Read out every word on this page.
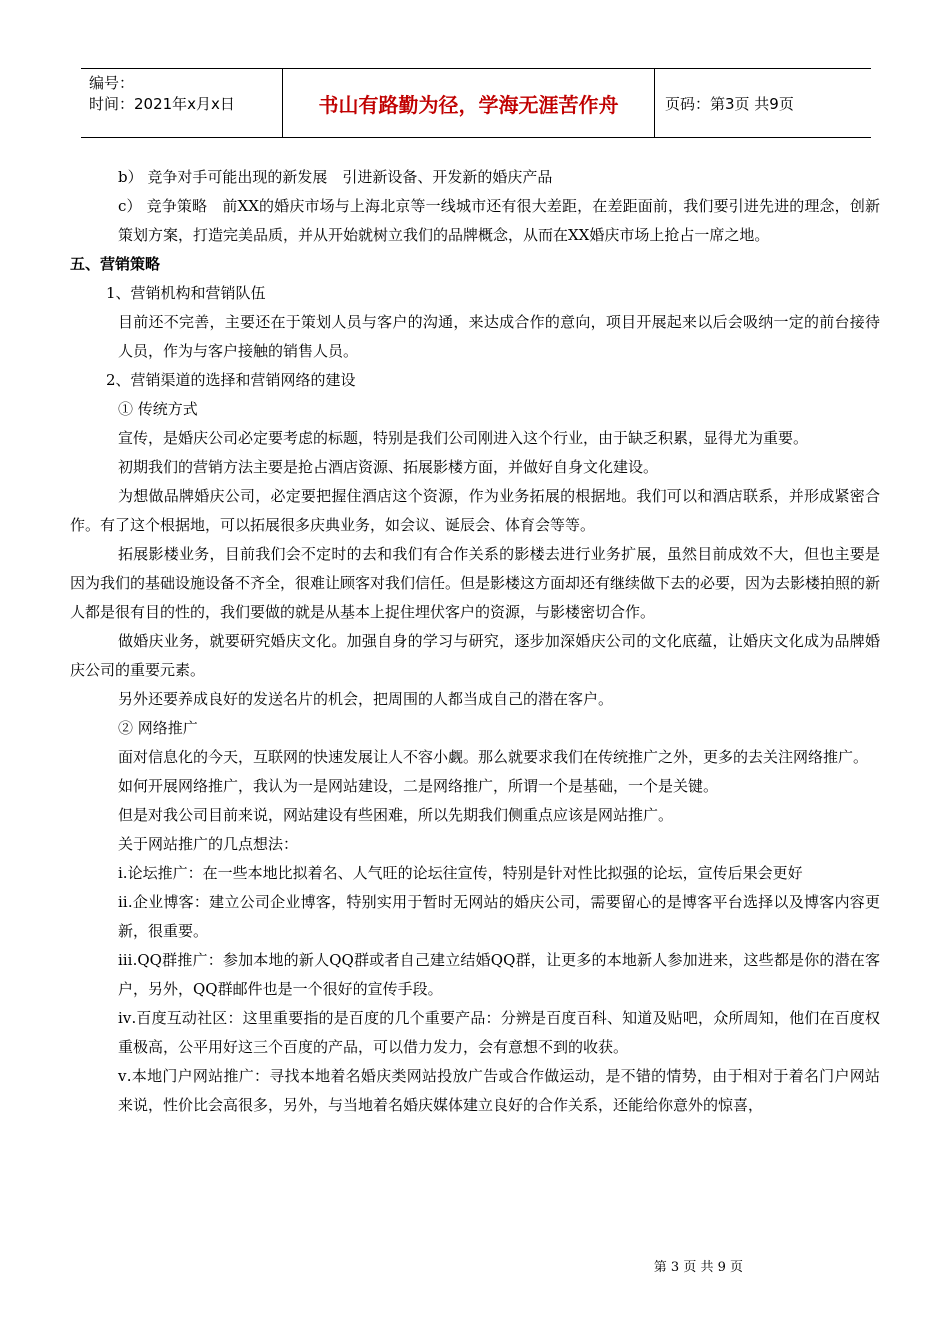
编号：
时间：2021年x月x日	书山有路勤为径，学海无涯苦作舟	页码：第3页 共9页

b） 竞争对手可能出现的新发展　引进新设备、开发新的婚庆产品

c） 竞争策略　前XX的婚庆市场与上海北京等一线城市还有很大差距，在差距面前，我们要引进先进的理念，创新策划方案，打造完美品质，并从开始就树立我们的品牌概念，从而在XX婚庆市场上抢占一席之地。

五、营销策略

1、营销机构和营销队伍

目前还不完善，主要还在于策划人员与客户的沟通，来达成合作的意向，项目开展起来以后会吸纳一定的前台接待人员，作为与客户接触的销售人员。

2、营销渠道的选择和营销网络的建设

① 传统方式

宣传，是婚庆公司必定要考虑的标题，特别是我们公司刚进入这个行业，由于缺乏积累，显得尤为重要。

初期我们的营销方法主要是抢占酒店资源、拓展影楼方面，并做好自身文化建设。

为想做品牌婚庆公司，必定要把握住酒店这个资源，作为业务拓展的根据地。我们可以和酒店联系，并形成紧密合作。有了这个根据地，可以拓展很多庆典业务，如会议、诞辰会、体育会等等。

拓展影楼业务，目前我们会不定时的去和我们有合作关系的影楼去进行业务扩展，虽然目前成效不大，但也主要是因为我们的基础设施设备不齐全，很难让顾客对我们信任。但是影楼这方面却还有继续做下去的必要，因为去影楼拍照的新人都是很有目的性的，我们要做的就是从基本上捉住埋伏客户的资源，与影楼密切合作。

做婚庆业务，就要研究婚庆文化。加强自身的学习与研究，逐步加深婚庆公司的文化底蕴，让婚庆文化成为品牌婚庆公司的重要元素。

另外还要养成良好的发送名片的机会，把周围的人都当成自己的潜在客户。

② 网络推广

面对信息化的今天，互联网的快速发展让人不容小觑。那么就要求我们在传统推广之外，更多的去关注网络推广。

如何开展网络推广，我认为一是网站建设，二是网络推广，所谓一个是基础，一个是关键。

但是对我公司目前来说，网站建设有些困难，所以先期我们侧重点应该是网站推广。

关于网站推广的几点想法：

ⅰ.论坛推广：在一些本地比拟着名、人气旺的论坛往宣传，特别是针对性比拟强的论坛，宣传后果会更好

ⅱ.企业博客：建立公司企业博客，特别实用于暂时无网站的婚庆公司，需要留心的是博客平台选择以及博客内容更新，很重要。

ⅲ.QQ群推广：参加本地的新人QQ群或者自己建立结婚QQ群，让更多的本地新人参加进来，这些都是你的潜在客户，另外，QQ群邮件也是一个很好的宣传手段。

ⅳ.百度互动社区：这里重要指的是百度的几个重要产品：分辨是百度百科、知道及贴吧，众所周知，他们在百度权重极高，公平用好这三个百度的产品，可以借力发力，会有意想不到的收获。

ⅴ.本地门户网站推广：寻找本地着名婚庆类网站投放广告或合作做运动，是不错的情势，由于相对于着名门户网站来说，性价比会高很多，另外，与当地着名婚庆媒体建立良好的合作关系，还能给你意外的惊喜，

第 3 页 共 9 页
